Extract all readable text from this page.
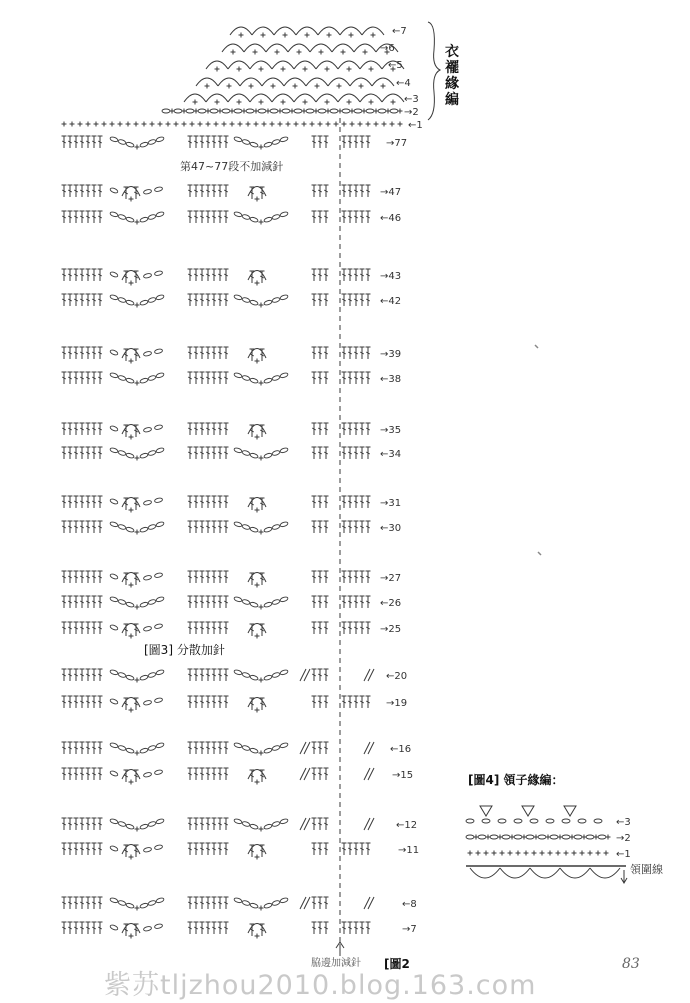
衣
襬
緣
編
←7
→6
←5
←4
←3
→2
←1
→77
→47
←46
→43
←42
→39
←38
→35
←34
→31
←30
→27
←26
→25
←20
→19
←16
→15
←12
→11
←8
→7
第47~77段不加減針
[圖3] 分散加針
[圖4] 領子緣編：
←3
→2
←1
領圍線
脇邊加減針 [圖2	83
紫苏tljzhou2010.blog.163.com
